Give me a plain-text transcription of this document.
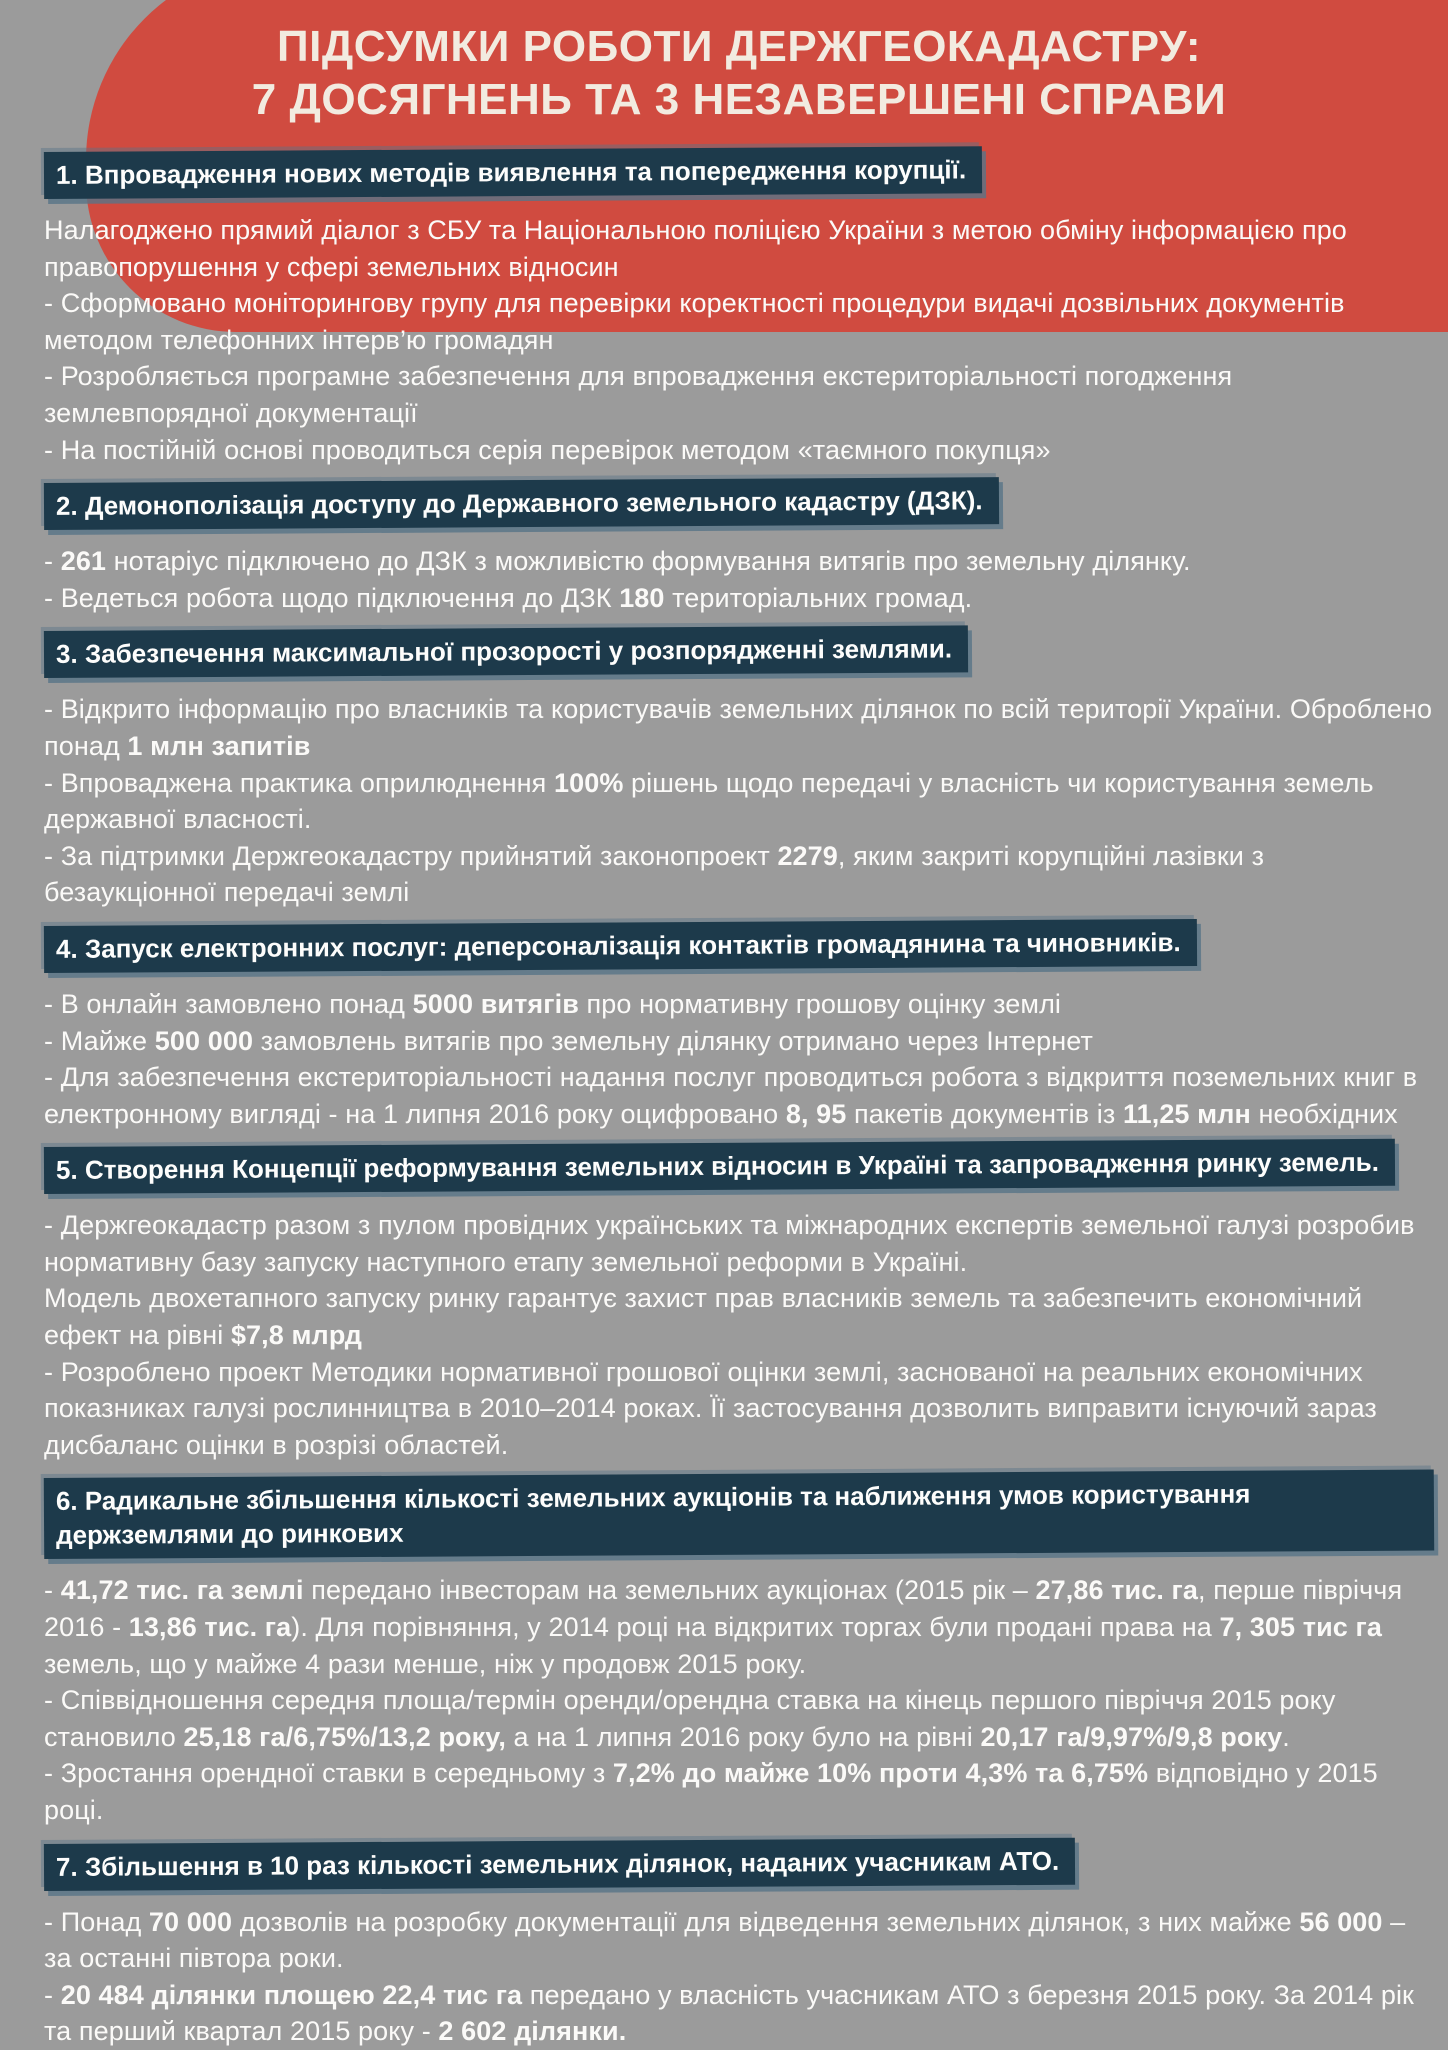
ПІДСУМКИ РОБОТИ ДЕРЖГЕОКАДАСТРУ:
7 ДОСЯГНЕНЬ ТА 3 НЕЗАВЕРШЕНІ СПРАВИ
1. Впровадження нових методів виявлення та попередження корупції.

Налагоджено прямий діалог з СБУ та Національною поліцією України з метою обміну інформацією про правопорушення у сфері земельних відносин

- Сформовано моніторингову групу для перевірки коректності процедури видачі дозвільних документів методом телефонних інтерв’ю громадян

- Розробляється програмне забезпечення для впровадження екстериторіальності погодження землевпорядної документації

- На постійній основі проводиться серія перевірок методом «таємного покупця»

2. Демонополізація доступу до Державного земельного кадастру (ДЗК).

- 261 нотаріус підключено до ДЗК з можливістю формування витягів про земельну ділянку.

- Ведеться робота щодо підключення до ДЗК 180 територіальних громад.

3. Забезпечення максимальної прозорості у розпорядженні землями.

- Відкрито інформацію про власників та користувачів земельних ділянок по всій території України. Оброблено понад 1 млн запитів

- Впроваджена практика оприлюднення 100% рішень щодо передачі у власність чи користування земель державної власності.

- За підтримки Держгеокадастру прийнятий законопроект 2279, яким закриті корупційні лазівки з безаукціонної передачі землі

4. Запуск електронних послуг: деперсоналізація контактів громадянина та чиновників.

- В онлайн замовлено понад 5000 витягів про нормативну грошову оцінку землі

- Майже 500 000 замовлень витягів про земельну ділянку отримано через Інтернет

- Для забезпечення екстериторіальності надання послуг проводиться робота з відкриття поземельних книг в електронному вигляді - на 1 липня 2016 року оцифровано 8, 95 пакетів документів із 11,25 млн необхідних

5. Створення Концепції реформування земельних відносин в Україні та запровадження ринку земель.

- Держгеокадастр разом з пулом провідних українських та міжнародних експертів земельної галузі розробив нормативну базу запуску наступного етапу земельної реформи в Україні.

Модель двохетапного запуску ринку гарантує захист прав власників земель та забезпечить економічний ефект на рівні $7,8 млрд

- Розроблено проект Методики нормативної грошової оцінки землі, заснованої на реальних економічних показниках галузі рослинництва в 2010–2014 роках. Її застосування дозволить виправити існуючий зараз дисбаланс оцінки в розрізі областей.

6. Радикальне збільшення кількості земельних аукціонів та наближення умов користування держземлями до ринкових

- 41,72 тис. га землі передано інвесторам на земельних аукціонах (2015 рік – 27,86 тис. га, перше півріччя 2016 - 13,86 тис. га). Для порівняння, у 2014 році на відкритих торгах були продані права на 7, 305 тис га земель, що у майже 4 рази менше, ніж у продовж 2015 року.

- Співвідношення середня площа/термін оренди/орендна ставка на кінець першого півріччя 2015 року становило 25,18 га/6,75%/13,2 року, а на 1 липня 2016 року було на рівні 20,17 га/9,97%/9,8 року.

- Зростання орендної ставки в середньому з 7,2% до майже 10% проти 4,3% та 6,75% відповідно у 2015 році.

7. Збільшення в 10 раз кількості земельних ділянок, наданих учасникам АТО.

- Понад 70 000 дозволів на розробку документації для відведення земельних ділянок, з них майже 56 000 – за останні півтора роки.

- 20 484 ділянки площею 22,4 тис га передано у власність учасникам АТО з березня 2015 року. За 2014 рік та перший квартал 2015 року - 2 602 ділянки.
